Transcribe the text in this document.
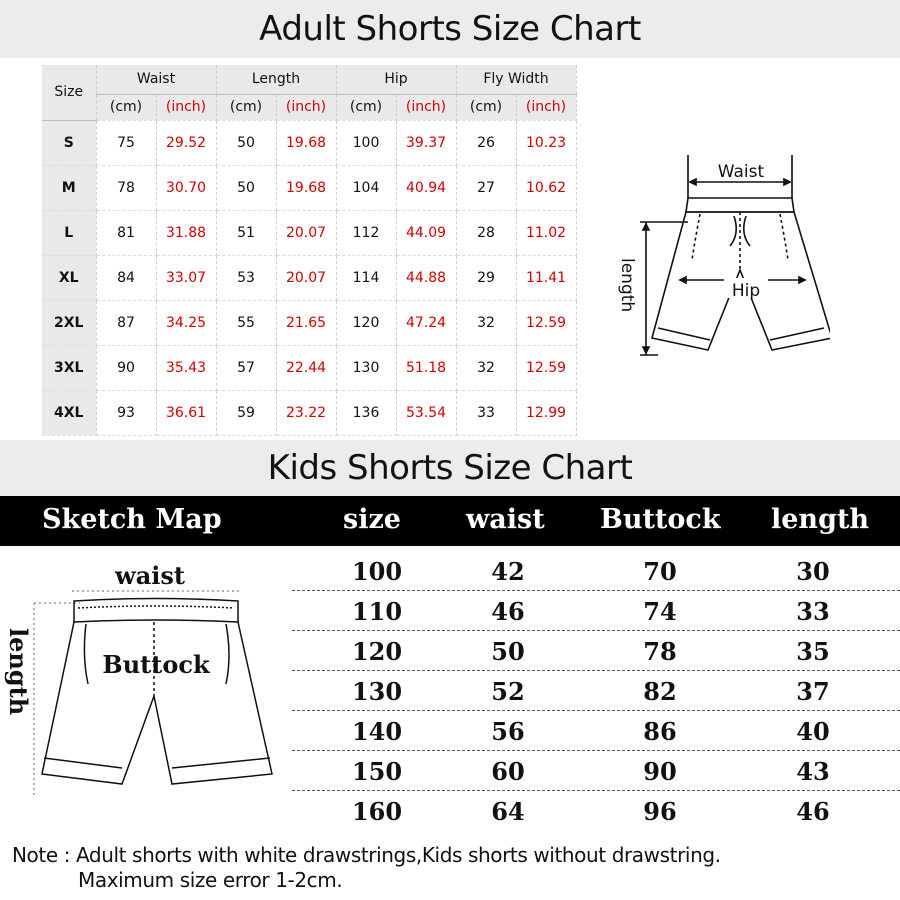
Adult Shorts Size Chart
Size	Waist		Length		Hip		Fly Width	
	(cm)	(inch)	(cm)	(inch)	(cm)	(inch)	(cm)	(inch)
S	75	29.52	50	19.68	100	39.37	26	10.23
M	78	30.70	50	19.68	104	40.94	27	10.62
L	81	31.88	51	20.07	112	44.09	28	11.02
XL	84	33.07	53	20.07	114	44.88	29	11.41
2XL	87	34.25	55	21.65	120	47.24	32	12.59
3XL	90	35.43	57	22.44	130	51.18	32	12.59
4XL	93	36.61	59	23.22	136	53.54	33	12.99
Waist
Hip
length
Kids Shorts Size Chart
Sketch Map	size waist Buttock length
100	42	70	30
110	46	74	33
120	50	78	35
130	52	82	37
140	56	86	40
150	60	90	43
160	64	96	46
waist
Buttock
length
Note : Adult shorts with white drawstrings,Kids shorts without drawstring.
Maximum size error 1-2cm.
